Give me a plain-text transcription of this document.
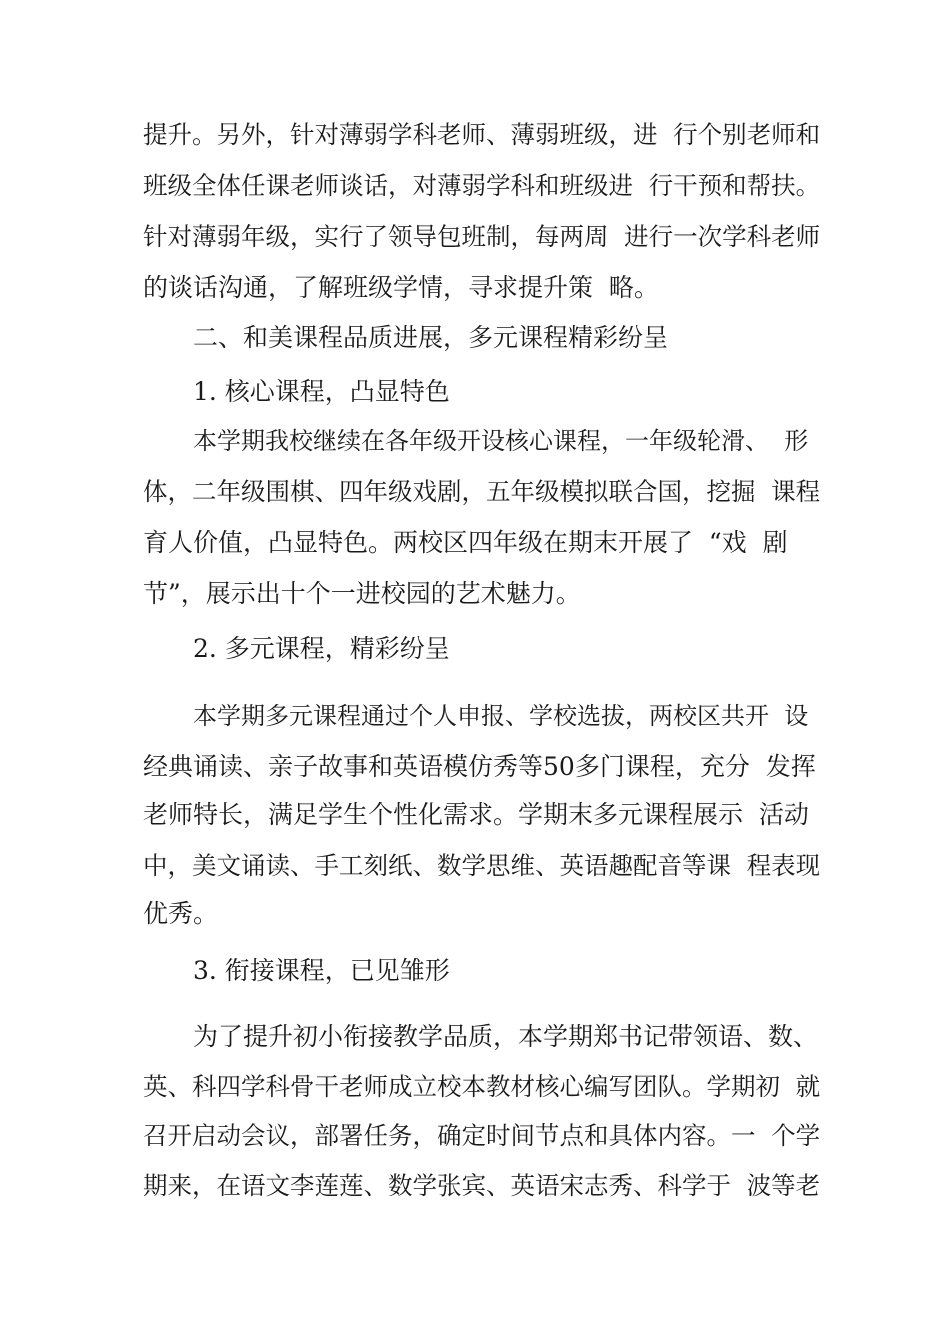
提升。另外，针对薄弱学科老师、薄弱班级，进  行个别老师和
班级全体任课老师谈话，对薄弱学科和班级进  行干预和帮扶。
针对薄弱年级，实行了领导包班制，每两周  进行一次学科老师
的谈话沟通，了解班级学情，寻求提升策  略。
二、和美课程品质进展，多元课程精彩纷呈
1. 核心课程，凸显特色
本学期我校继续在各年级开设核心课程，一年级轮滑、  形
体，二年级围棋、四年级戏剧，五年级模拟联合国，挖掘  课程
育人价值，凸显特色。两校区四年级在期末开展了  “戏  剧
节”，展示出十个一进校园的艺术魅力。
2. 多元课程，精彩纷呈
本学期多元课程通过个人申报、学校选拔，两校区共开  设
经典诵读、亲子故事和英语模仿秀等50多门课程，充分  发挥
老师特长，满足学生个性化需求。学期末多元课程展示  活动
中，美文诵读、手工刻纸、数学思维、英语趣配音等课  程表现
优秀。
3. 衔接课程，已见雏形
为了提升初小衔接教学品质，本学期郑书记带领语、数、
英、科四学科骨干老师成立校本教材核心编写团队。学期初  就
召开启动会议，部署任务，确定时间节点和具体内容。一  个学
期来，在语文李莲莲、数学张宾、英语宋志秀、科学于  波等老
